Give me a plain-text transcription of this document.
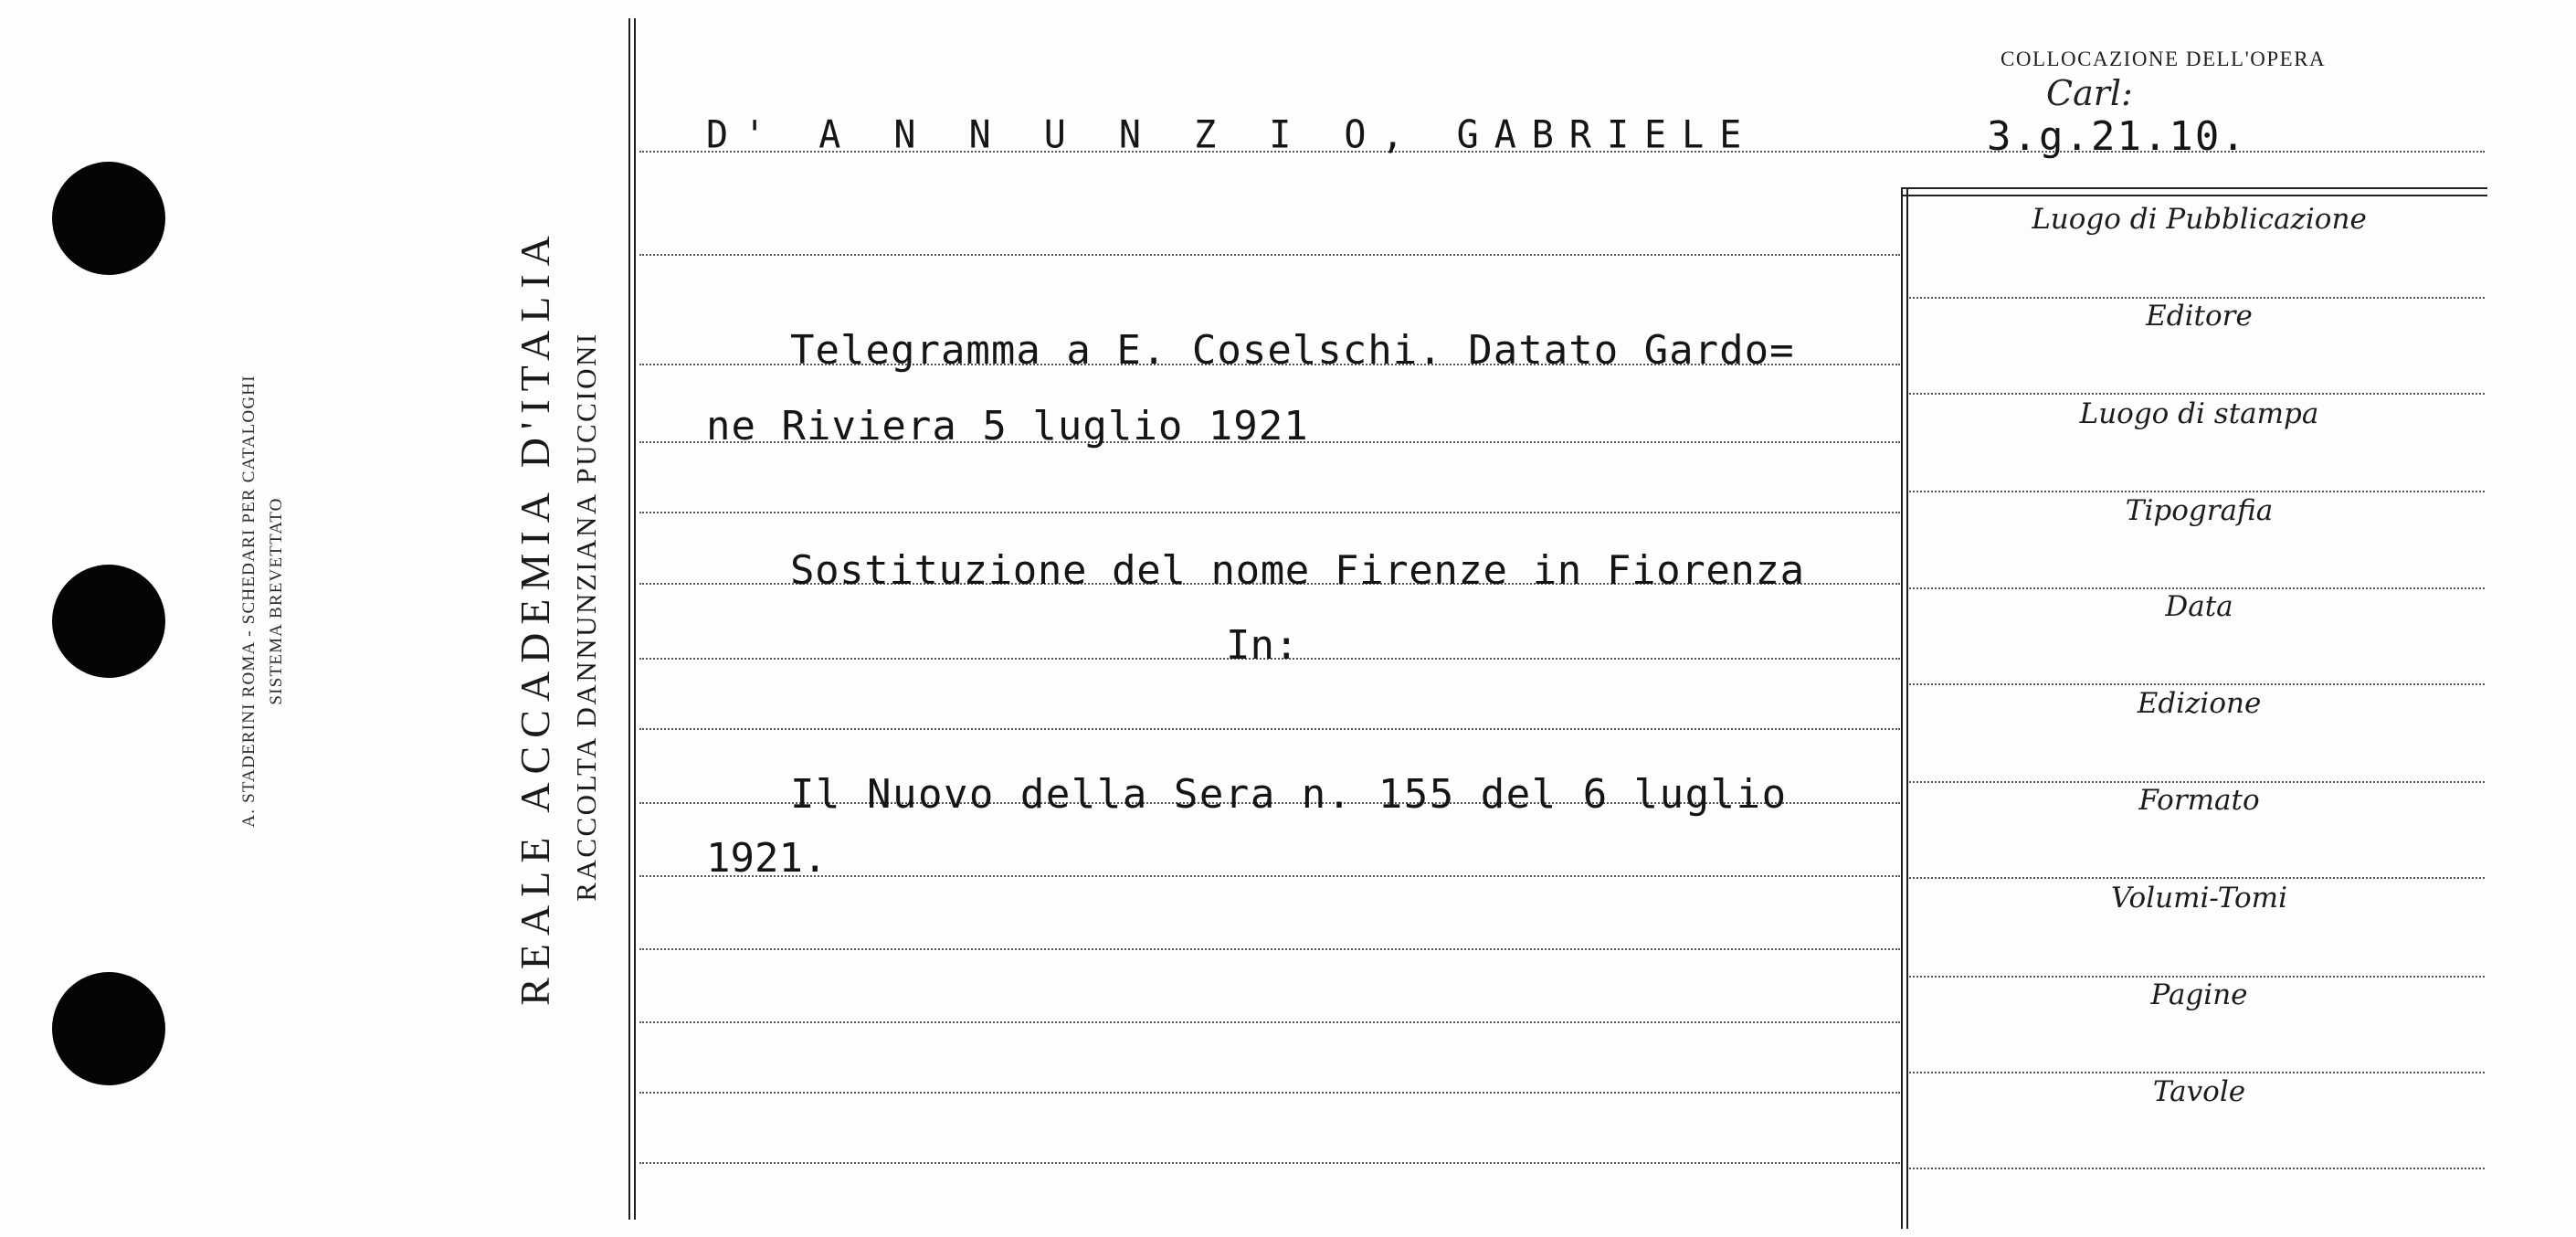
A. STADERINI ROMA - SCHEDARI PER CATALOGHI SISTEMA BREVETTATO	REALE ACCADEMIA D'ITALIA RACCOLTA DANNUNZIANA PUCCIONI
COLLOCAZIONE DELL'OPERA
Carl:
3.g.21.10.
D' A N N U N Z I O, GABRIELE
Telegramma a E. Coselschi. Datato Gardo=
ne Riviera 5 luglio 1921
Sostituzione del nome Firenze in Fiorenza
In:
Il Nuovo della Sera n. 155 del 6 luglio
1921.
Luogo di Pubblicazione
Editore
Luogo di stampa
Tipografia
Data
Edizione
Formato
Volumi-Tomi
Pagine
Tavole
